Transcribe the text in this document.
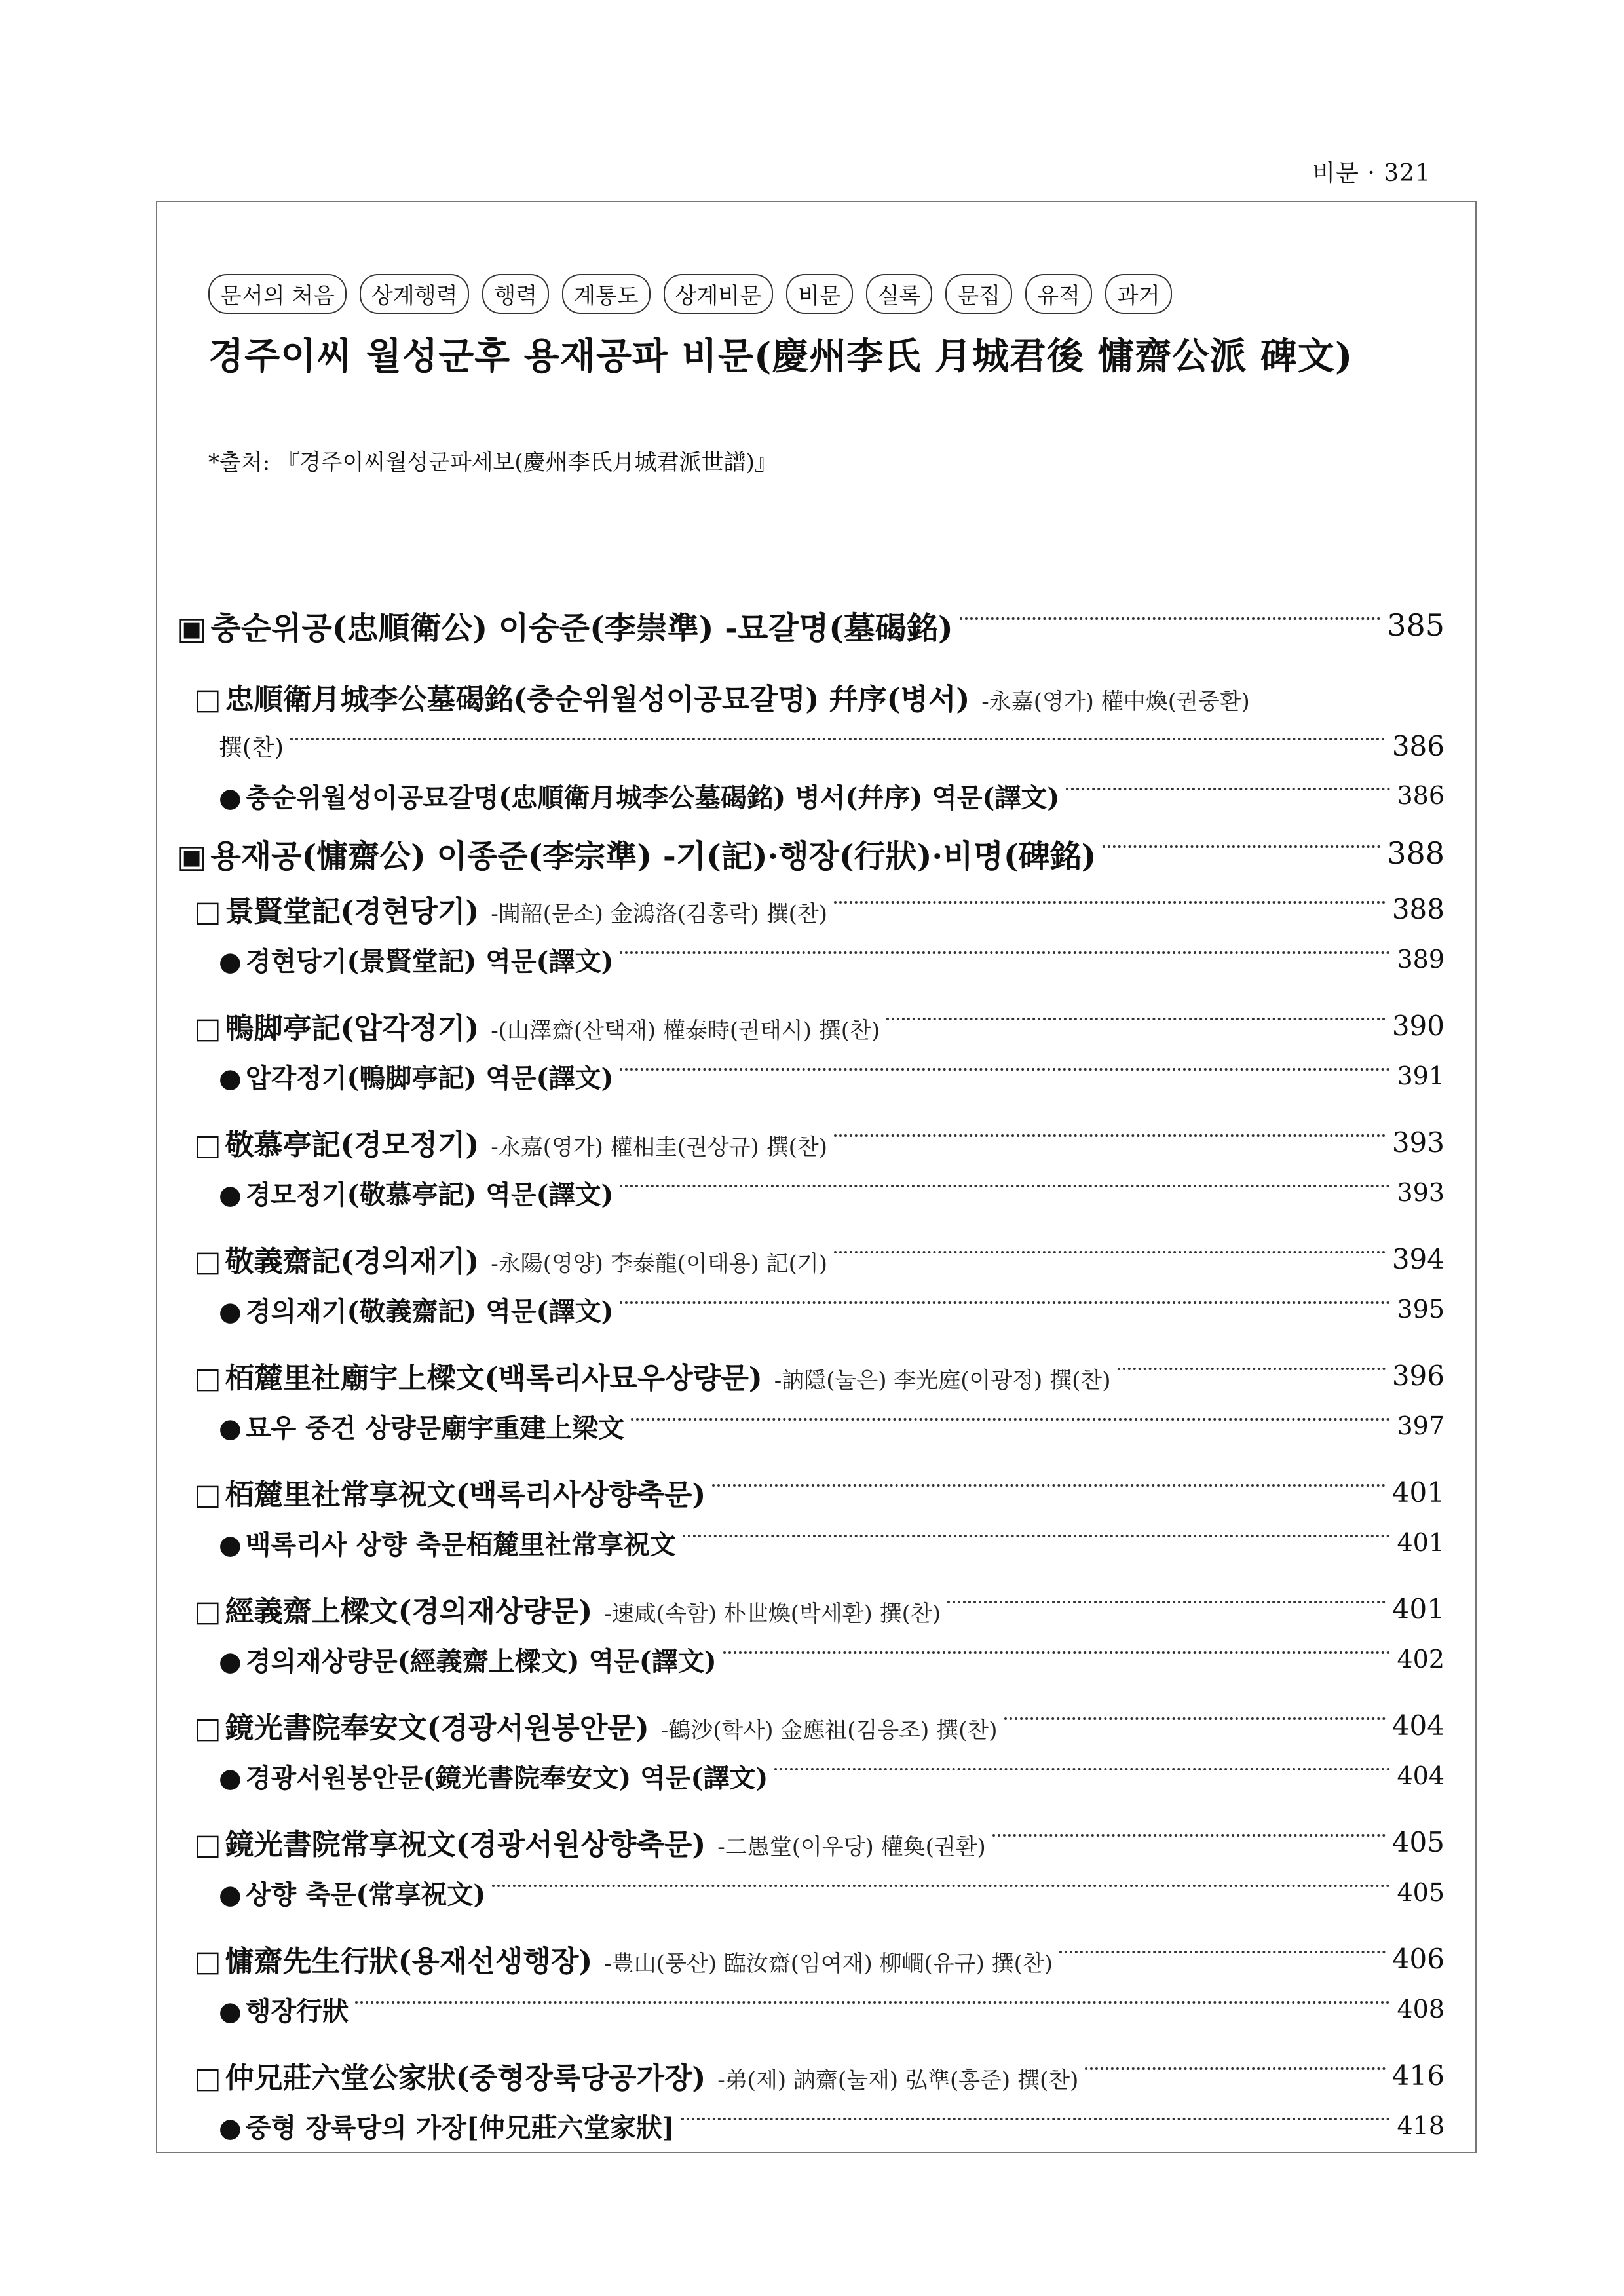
비문 · 321
문서의 처음	상계행력	행력	계통도	상계비문	비문	실록	문집	유적	과거
경주이씨 월성군후 용재공파 비문(慶州李氏 月城君後 慵齋公派 碑文)
*출처: 『경주이씨월성군파세보(慶州李氏月城君派世譜)』
▣ 충순위공(忠順衛公) 이숭준(李崇準) -묘갈명(墓碣銘)	385
□ 忠順衛月城李公墓碣銘(충순위월성이공묘갈명) 幷序(병서) -永嘉(영가) 權中煥(권중환)
撰(찬)	386
● 충순위월성이공묘갈명(忠順衛月城李公墓碣銘) 병서(幷序) 역문(譯文)	386
▣ 용재공(慵齋公) 이종준(李宗準) -기(記)·행장(行狀)·비명(碑銘)	388
□ 景賢堂記(경현당기) -聞韶(문소) 金鴻洛(김홍락) 撰(찬)	388
● 경현당기(景賢堂記) 역문(譯文)	389
□ 鴨脚亭記(압각정기) -(山澤齋(산택재) 權泰時(권태시) 撰(찬)	390
● 압각정기(鴨脚亭記) 역문(譯文)	391
□ 敬慕亭記(경모정기) -永嘉(영가) 權相圭(권상규) 撰(찬)	393
● 경모정기(敬慕亭記) 역문(譯文)	393
□ 敬義齋記(경의재기) -永陽(영양) 李泰龍(이태용) 記(기)	394
● 경의재기(敬義齋記) 역문(譯文)	395
□ 栢麓里社廟宇上樑文(백록리사묘우상량문) -訥隱(눌은) 李光庭(이광정) 撰(찬)	396
● 묘우 중건 상량문廟宇重建上梁文	397
□ 栢麓里社常享祝文(백록리사상향축문)	401
● 백록리사 상향 축문栢麓里社常享祝文	401
□ 經義齋上樑文(경의재상량문) -速咸(속함) 朴世煥(박세환) 撰(찬)	401
● 경의재상량문(經義齋上樑文) 역문(譯文)	402
□ 鏡光書院奉安文(경광서원봉안문) -鶴沙(학사) 金應祖(김응조) 撰(찬)	404
● 경광서원봉안문(鏡光書院奉安文) 역문(譯文)	404
□ 鏡光書院常享祝文(경광서원상향축문) -二愚堂(이우당) 權奐(권환)	405
● 상향 축문(常享祝文)	405
□ 慵齋先生行狀(용재선생행장) -豊山(풍산) 臨汝齋(임여재) 柳𡼏(유규) 撰(찬)	406
● 행장行狀	408
□ 仲兄莊六堂公家狀(중형장룩당공가장) -弟(제) 訥齋(눌재) 弘準(홍준) 撰(찬)	416
● 중형 장륙당의 가장[仲兄莊六堂家狀]	418
